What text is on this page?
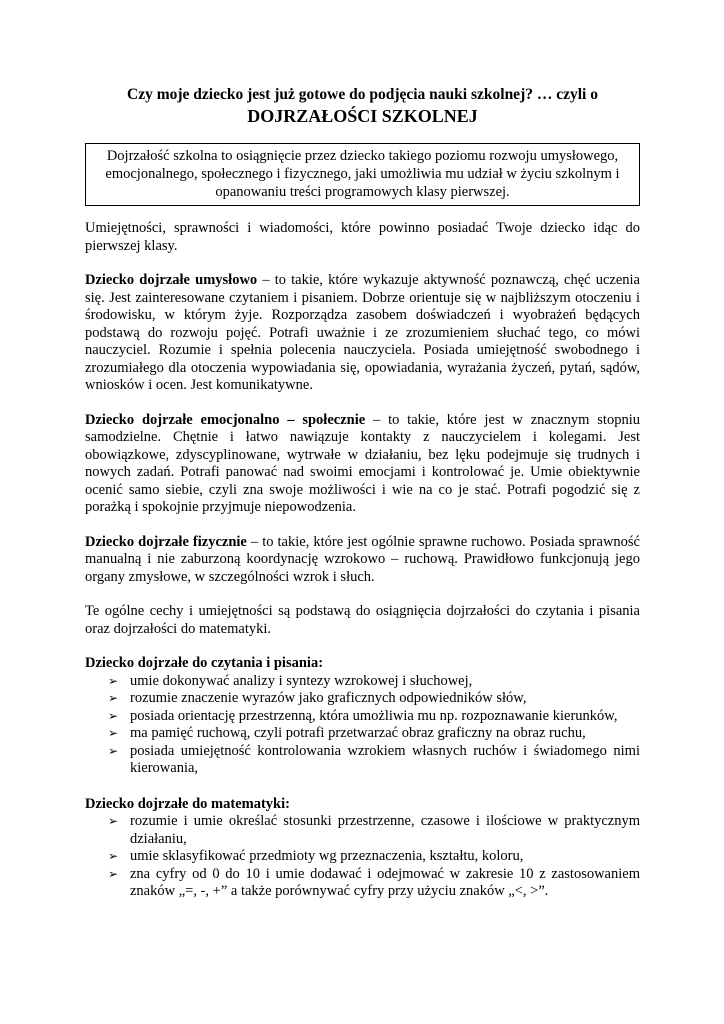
Czy moje dziecko jest już gotowe do podjęcia nauki szkolnej? … czyli o
DOJRZAŁOŚCI SZKOLNEJ
Dojrzałość szkolna to osiągnięcie przez dziecko takiego poziomu rozwoju umysłowego, emocjonalnego, społecznego i fizycznego, jaki umożliwia mu udział w życiu szkolnym i opanowaniu treści programowych klasy pierwszej.

Umiejętności, sprawności i wiadomości, które powinno posiadać Twoje dziecko idąc do pierwszej klasy.

Dziecko dojrzałe umysłowo – to takie, które wykazuje aktywność poznawczą, chęć uczenia się. Jest zainteresowane czytaniem i pisaniem. Dobrze orientuje się w najbliższym otoczeniu i środowisku, w którym żyje. Rozporządza zasobem doświadczeń i wyobrażeń będących podstawą do rozwoju pojęć. Potrafi uważnie i ze zrozumieniem słuchać tego, co mówi nauczyciel. Rozumie i spełnia polecenia nauczyciela. Posiada umiejętność swobodnego i zrozumiałego dla otoczenia wypowiadania się, opowiadania, wyrażania życzeń, pytań, sądów, wniosków i ocen. Jest komunikatywne.

Dziecko dojrzałe emocjonalno – społecznie – to takie, które jest w znacznym stopniu samodzielne. Chętnie i łatwo nawiązuje kontakty z nauczycielem i kolegami. Jest obowiązkowe, zdyscyplinowane, wytrwałe w działaniu, bez lęku podejmuje się trudnych i nowych zadań. Potrafi panować nad swoimi emocjami i kontrolować je. Umie obiektywnie ocenić samo siebie, czyli zna swoje możliwości i wie na co je stać. Potrafi pogodzić się z porażką i spokojnie przyjmuje niepowodzenia.

Dziecko dojrzałe fizycznie – to takie, które jest ogólnie sprawne ruchowo. Posiada sprawność manualną i nie zaburzoną koordynację wzrokowo – ruchową. Prawidłowo funkcjonują jego organy zmysłowe, w szczególności wzrok i słuch.

Te ogólne cechy i umiejętności są podstawą do osiągnięcia dojrzałości do czytania i pisania oraz dojrzałości do matematyki.

Dziecko dojrzałe do czytania i pisania:
➢ umie dokonywać analizy i syntezy wzrokowej i słuchowej,
➢ rozumie znaczenie wyrazów jako graficznych odpowiedników słów,
➢ posiada orientację przestrzenną, która umożliwia mu np. rozpoznawanie kierunków,
➢ ma pamięć ruchową, czyli potrafi przetwarzać obraz graficzny na obraz ruchu,
➢ posiada umiejętność kontrolowania wzrokiem własnych ruchów i świadomego nimi kierowania,
Dziecko dojrzałe do matematyki:
➢ rozumie i umie określać stosunki przestrzenne, czasowe i ilościowe w praktycznym działaniu,
➢ umie sklasyfikować przedmioty wg przeznaczenia, kształtu, koloru,
➢ zna cyfry od 0 do 10 i umie dodawać i odejmować w zakresie 10 z zastosowaniem znaków „=, -, +” a także porównywać cyfry przy użyciu znaków „<, >”.
